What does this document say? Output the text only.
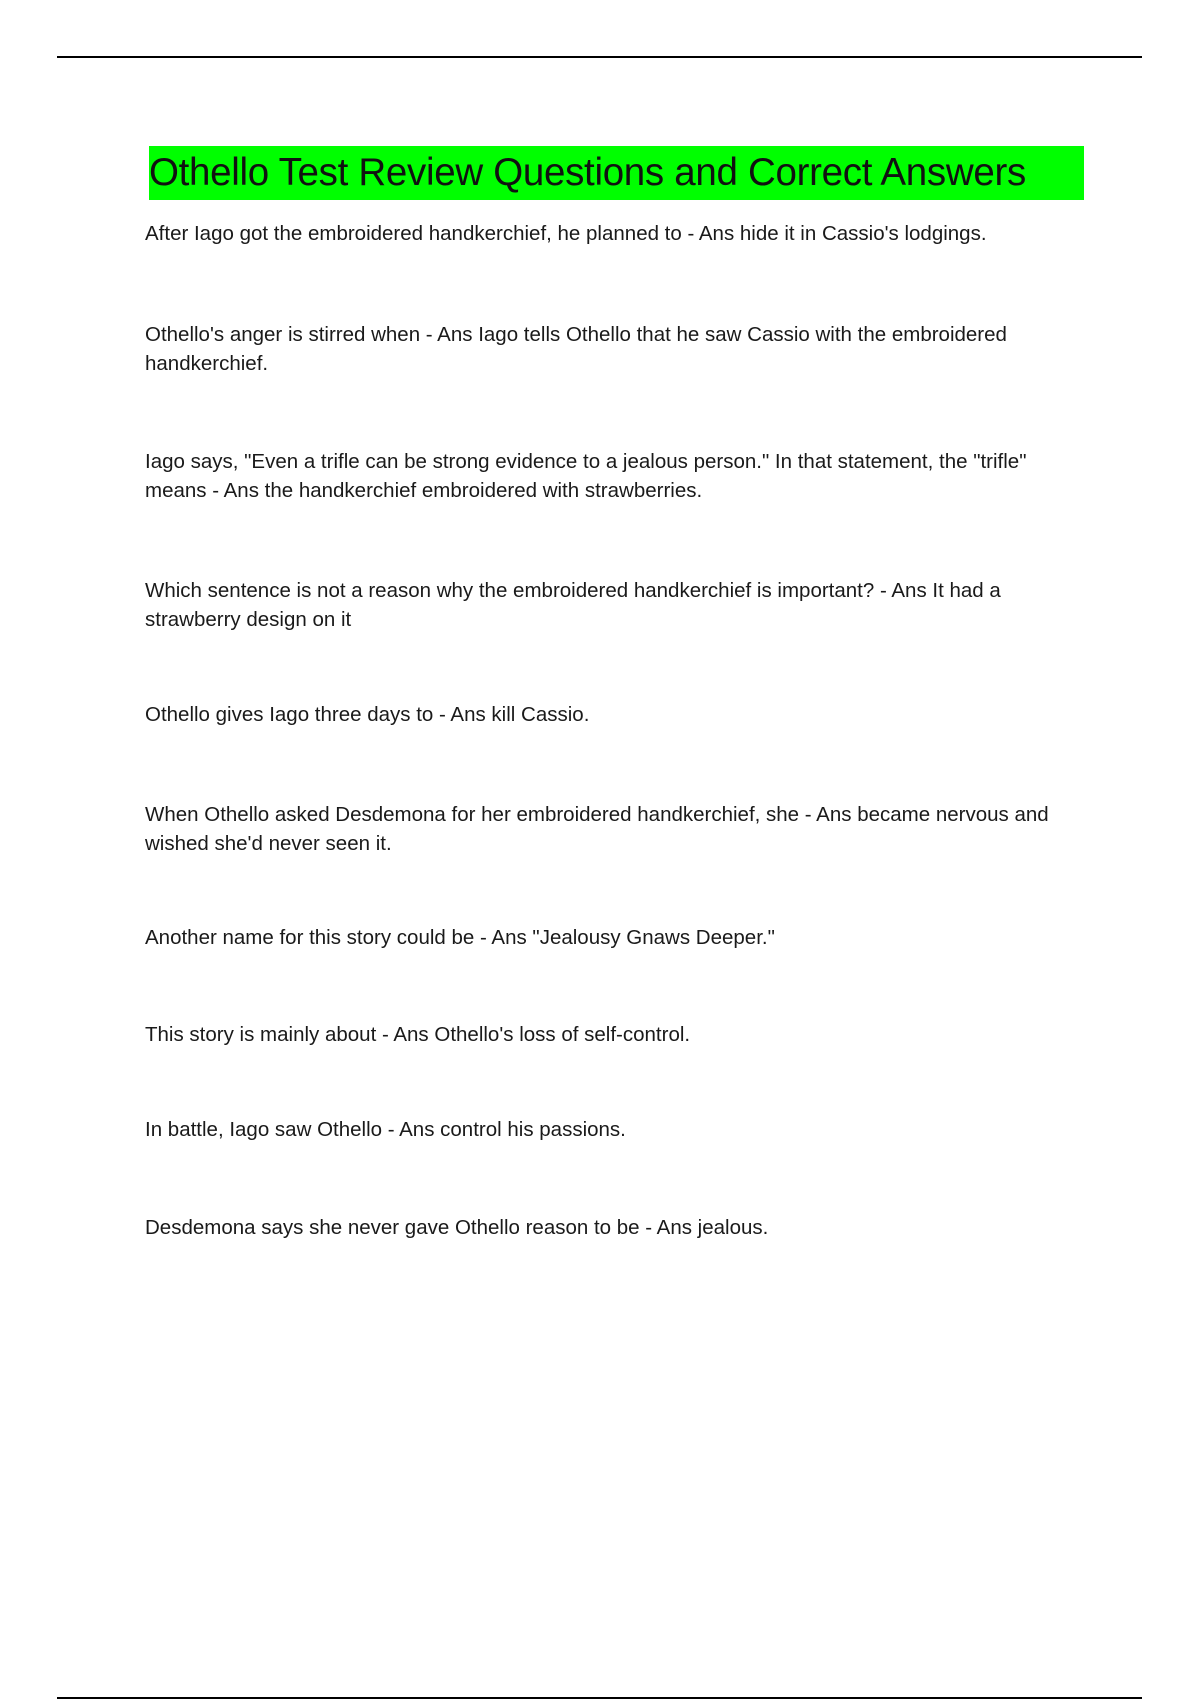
Othello Test Review Questions and Correct Answers

After Iago got the embroidered handkerchief, he planned to - Ans hide it in Cassio's lodgings.

Othello's anger is stirred when - Ans Iago tells Othello that he saw Cassio with the embroidered handkerchief.

Iago says, "Even a trifle can be strong evidence to a jealous person." In that statement, the "trifle" means - Ans the handkerchief embroidered with strawberries.

Which sentence is not a reason why the embroidered handkerchief is important? - Ans It had a strawberry design on it

Othello gives Iago three days to - Ans kill Cassio.

When Othello asked Desdemona for her embroidered handkerchief, she - Ans became nervous and wished she'd never seen it.

Another name for this story could be - Ans "Jealousy Gnaws Deeper."

This story is mainly about - Ans Othello's loss of self-control.

In battle, Iago saw Othello - Ans control his passions.

Desdemona says she never gave Othello reason to be - Ans jealous.
